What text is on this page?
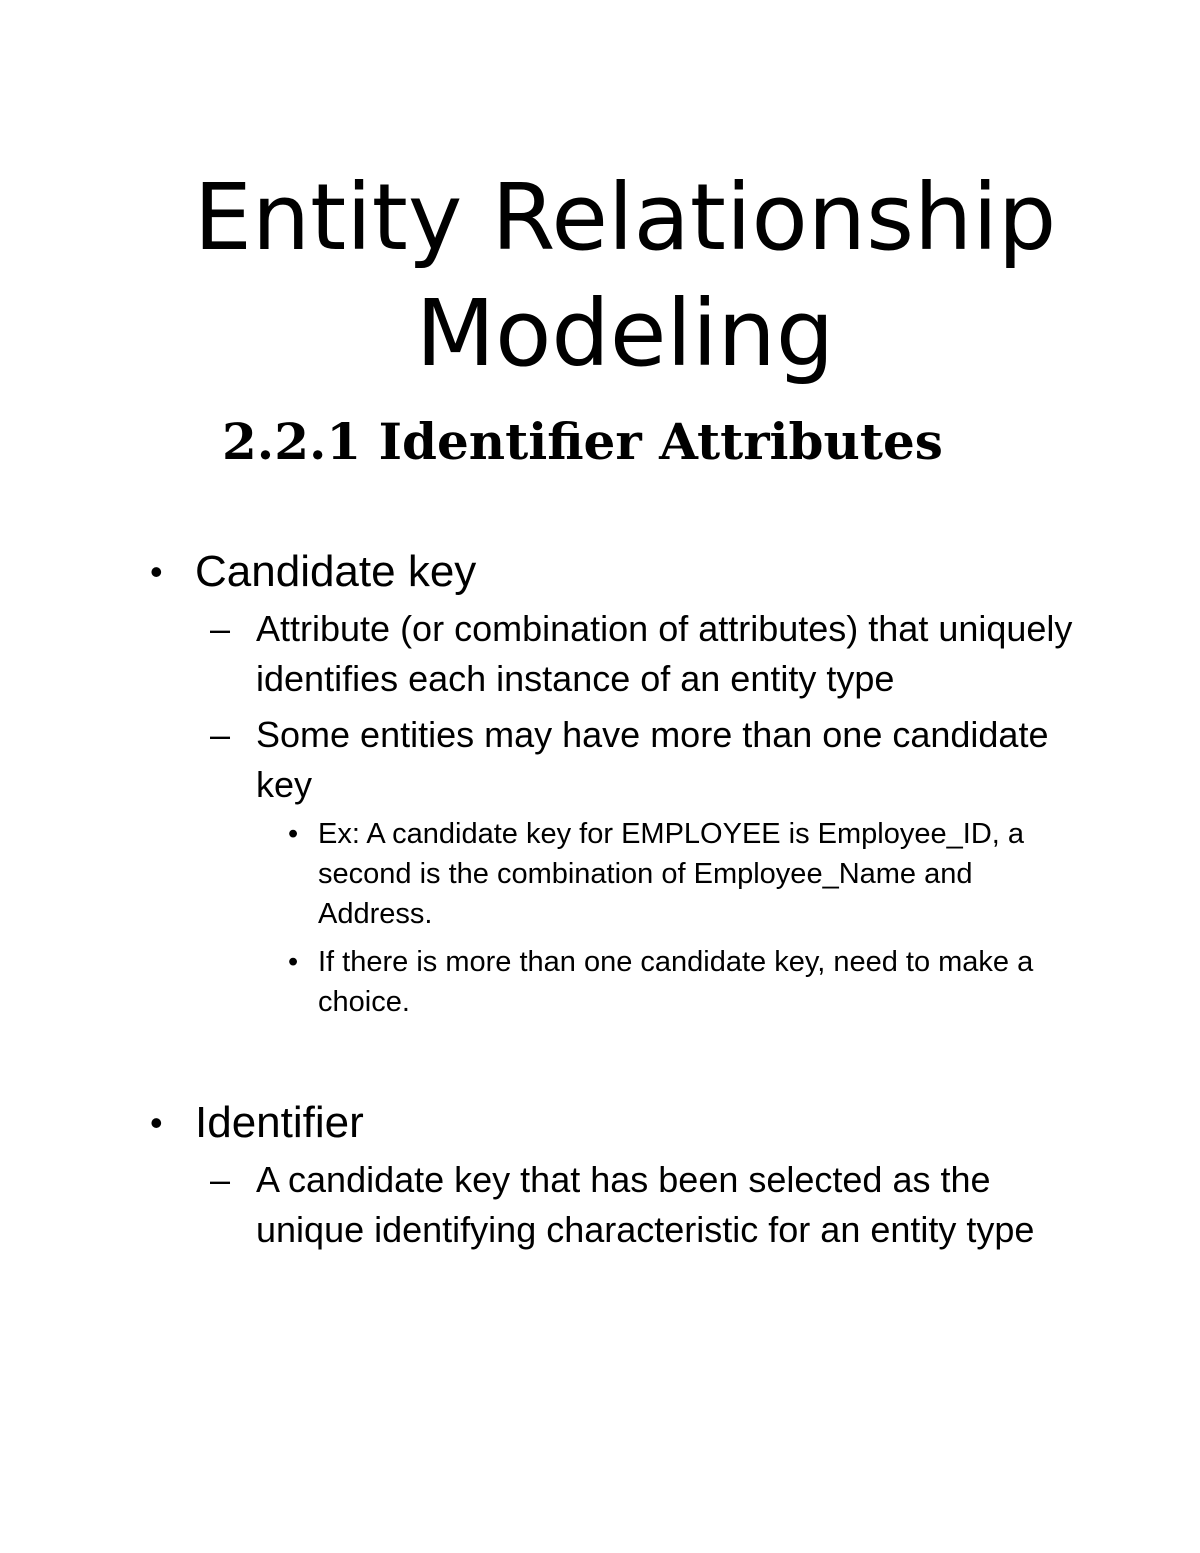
Entity Relationship
Modeling
2.2.1 Identifier Attributes
• Candidate key
– Attribute (or combination of attributes) that uniquely identifies each instance of an entity type
– Some entities may have more than one candidate key
• Ex: A candidate key for EMPLOYEE is Employee_ID, a second is the combination of Employee_Name and Address.
• If there is more than one candidate key, need to make a choice.
• Identifier
– A candidate key that has been selected as the unique identifying characteristic for an entity type
